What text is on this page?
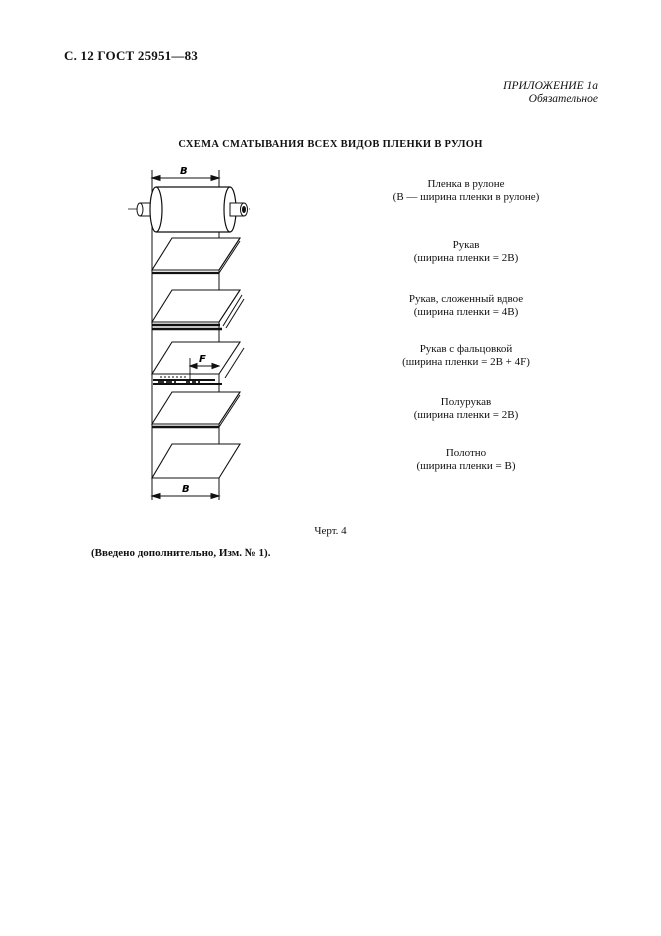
С. 12 ГОСТ 25951—83
ПРИЛОЖЕНИЕ 1а
Обязательное
СХЕМА СМАТЫВАНИЯ ВСЕХ ВИДОВ ПЛЕНКИ В РУЛОН
B
F
B
Пленка в рулоне
(B — ширина пленки в рулоне)
Рукав
(ширина пленки = 2B)
Рукав, сложенный вдвое
(ширина пленки = 4B)
Рукав с фальцовкой
(ширина пленки = 2B + 4F)
Полурукав
(ширина пленки = 2B)
Полотно
(ширина пленки = B)
Черт. 4
(Введено дополнительно, Изм. № 1).
